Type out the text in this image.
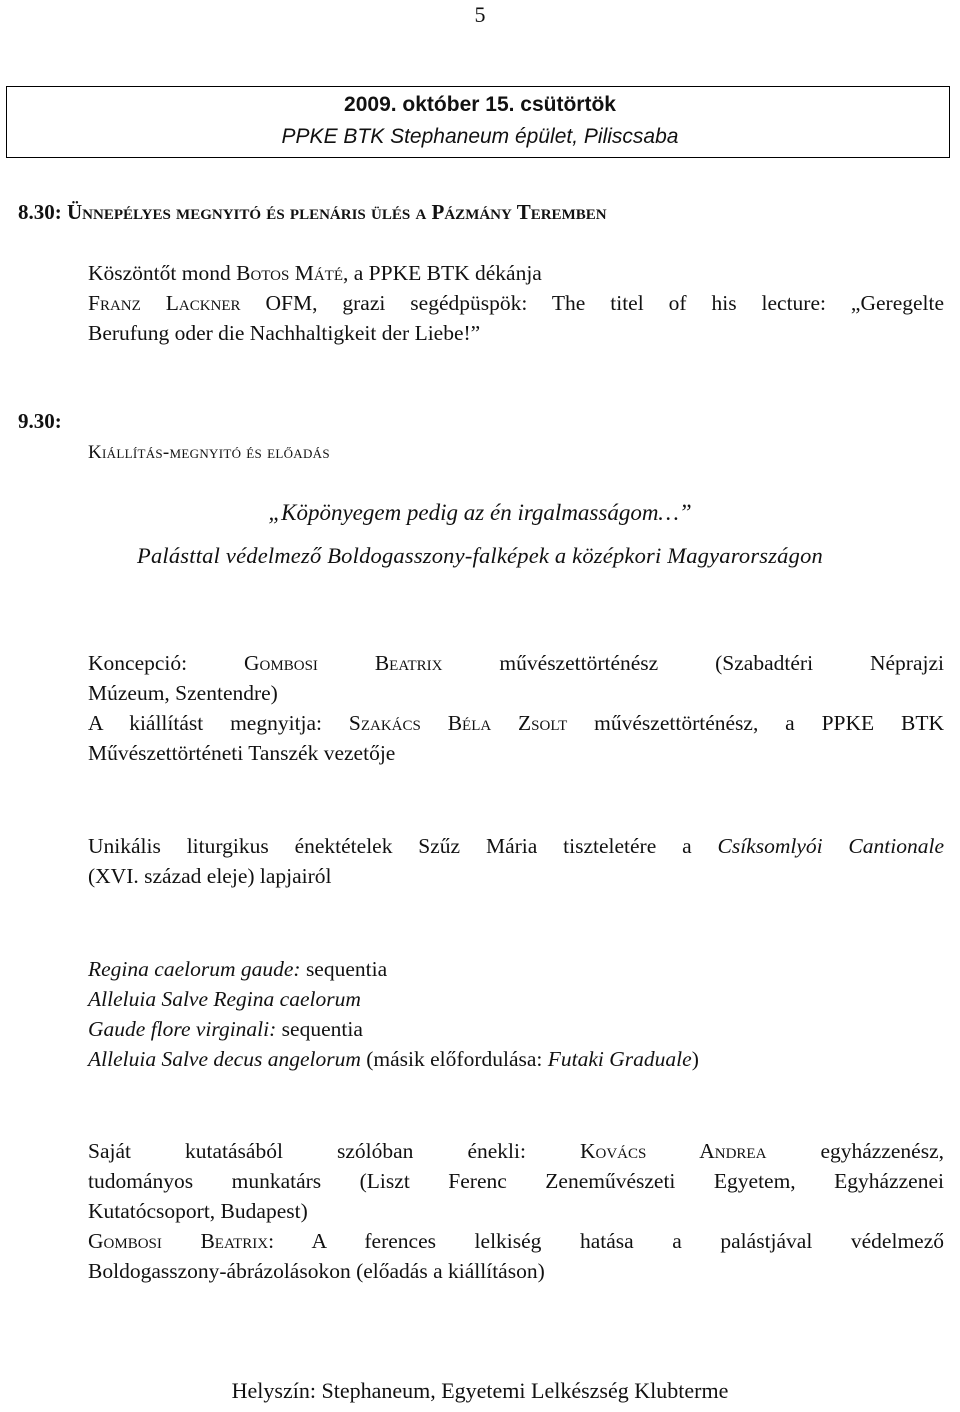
5
2009. október 15. csütörtök
PPKE BTK Stephaneum épület, Piliscsaba
8.30: Ünnepélyes megnyitó és plenáris ülés a Pázmány Teremben
Köszöntőt mond Botos Máté, a PPKE BTK dékánja
Franz Lackner OFM, grazi segédpüspök: The titel of his lecture: „Geregelte
Berufung oder die Nachhaltigkeit der Liebe!”
9.30:
Kiállítás-megnyitó és előadás
„Köpönyegem pedig az én irgalmasságom…”
Palásttal védelmező Boldogasszony-falképek a középkori Magyarországon
Koncepció: Gombosi Beatrix művészettörténész (Szabadtéri Néprajzi
Múzeum, Szentendre)
A kiállítást megnyitja: Szakács Béla Zsolt művészettörténész, a PPKE BTK
Művészettörténeti Tanszék vezetője
Unikális liturgikus énektételek Szűz Mária tiszteletére a Csíksomlyói Cantionale
(XVI. század eleje) lapjairól
Regina caelorum gaude: sequentia
Alleluia Salve Regina caelorum
Gaude flore virginali: sequentia
Alleluia Salve decus angelorum (másik előfordulása: Futaki Graduale)
Saját kutatásából szólóban énekli: Kovács Andrea egyházzenész,
tudományos munkatárs (Liszt Ferenc Zeneművészeti Egyetem, Egyházzenei
Kutatócsoport, Budapest)
Gombosi Beatrix: A ferences lelkiség hatása a palástjával védelmező
Boldogasszony-ábrázolásokon (előadás a kiállításon)
Helyszín: Stephaneum, Egyetemi Lelkészség Klubterme
